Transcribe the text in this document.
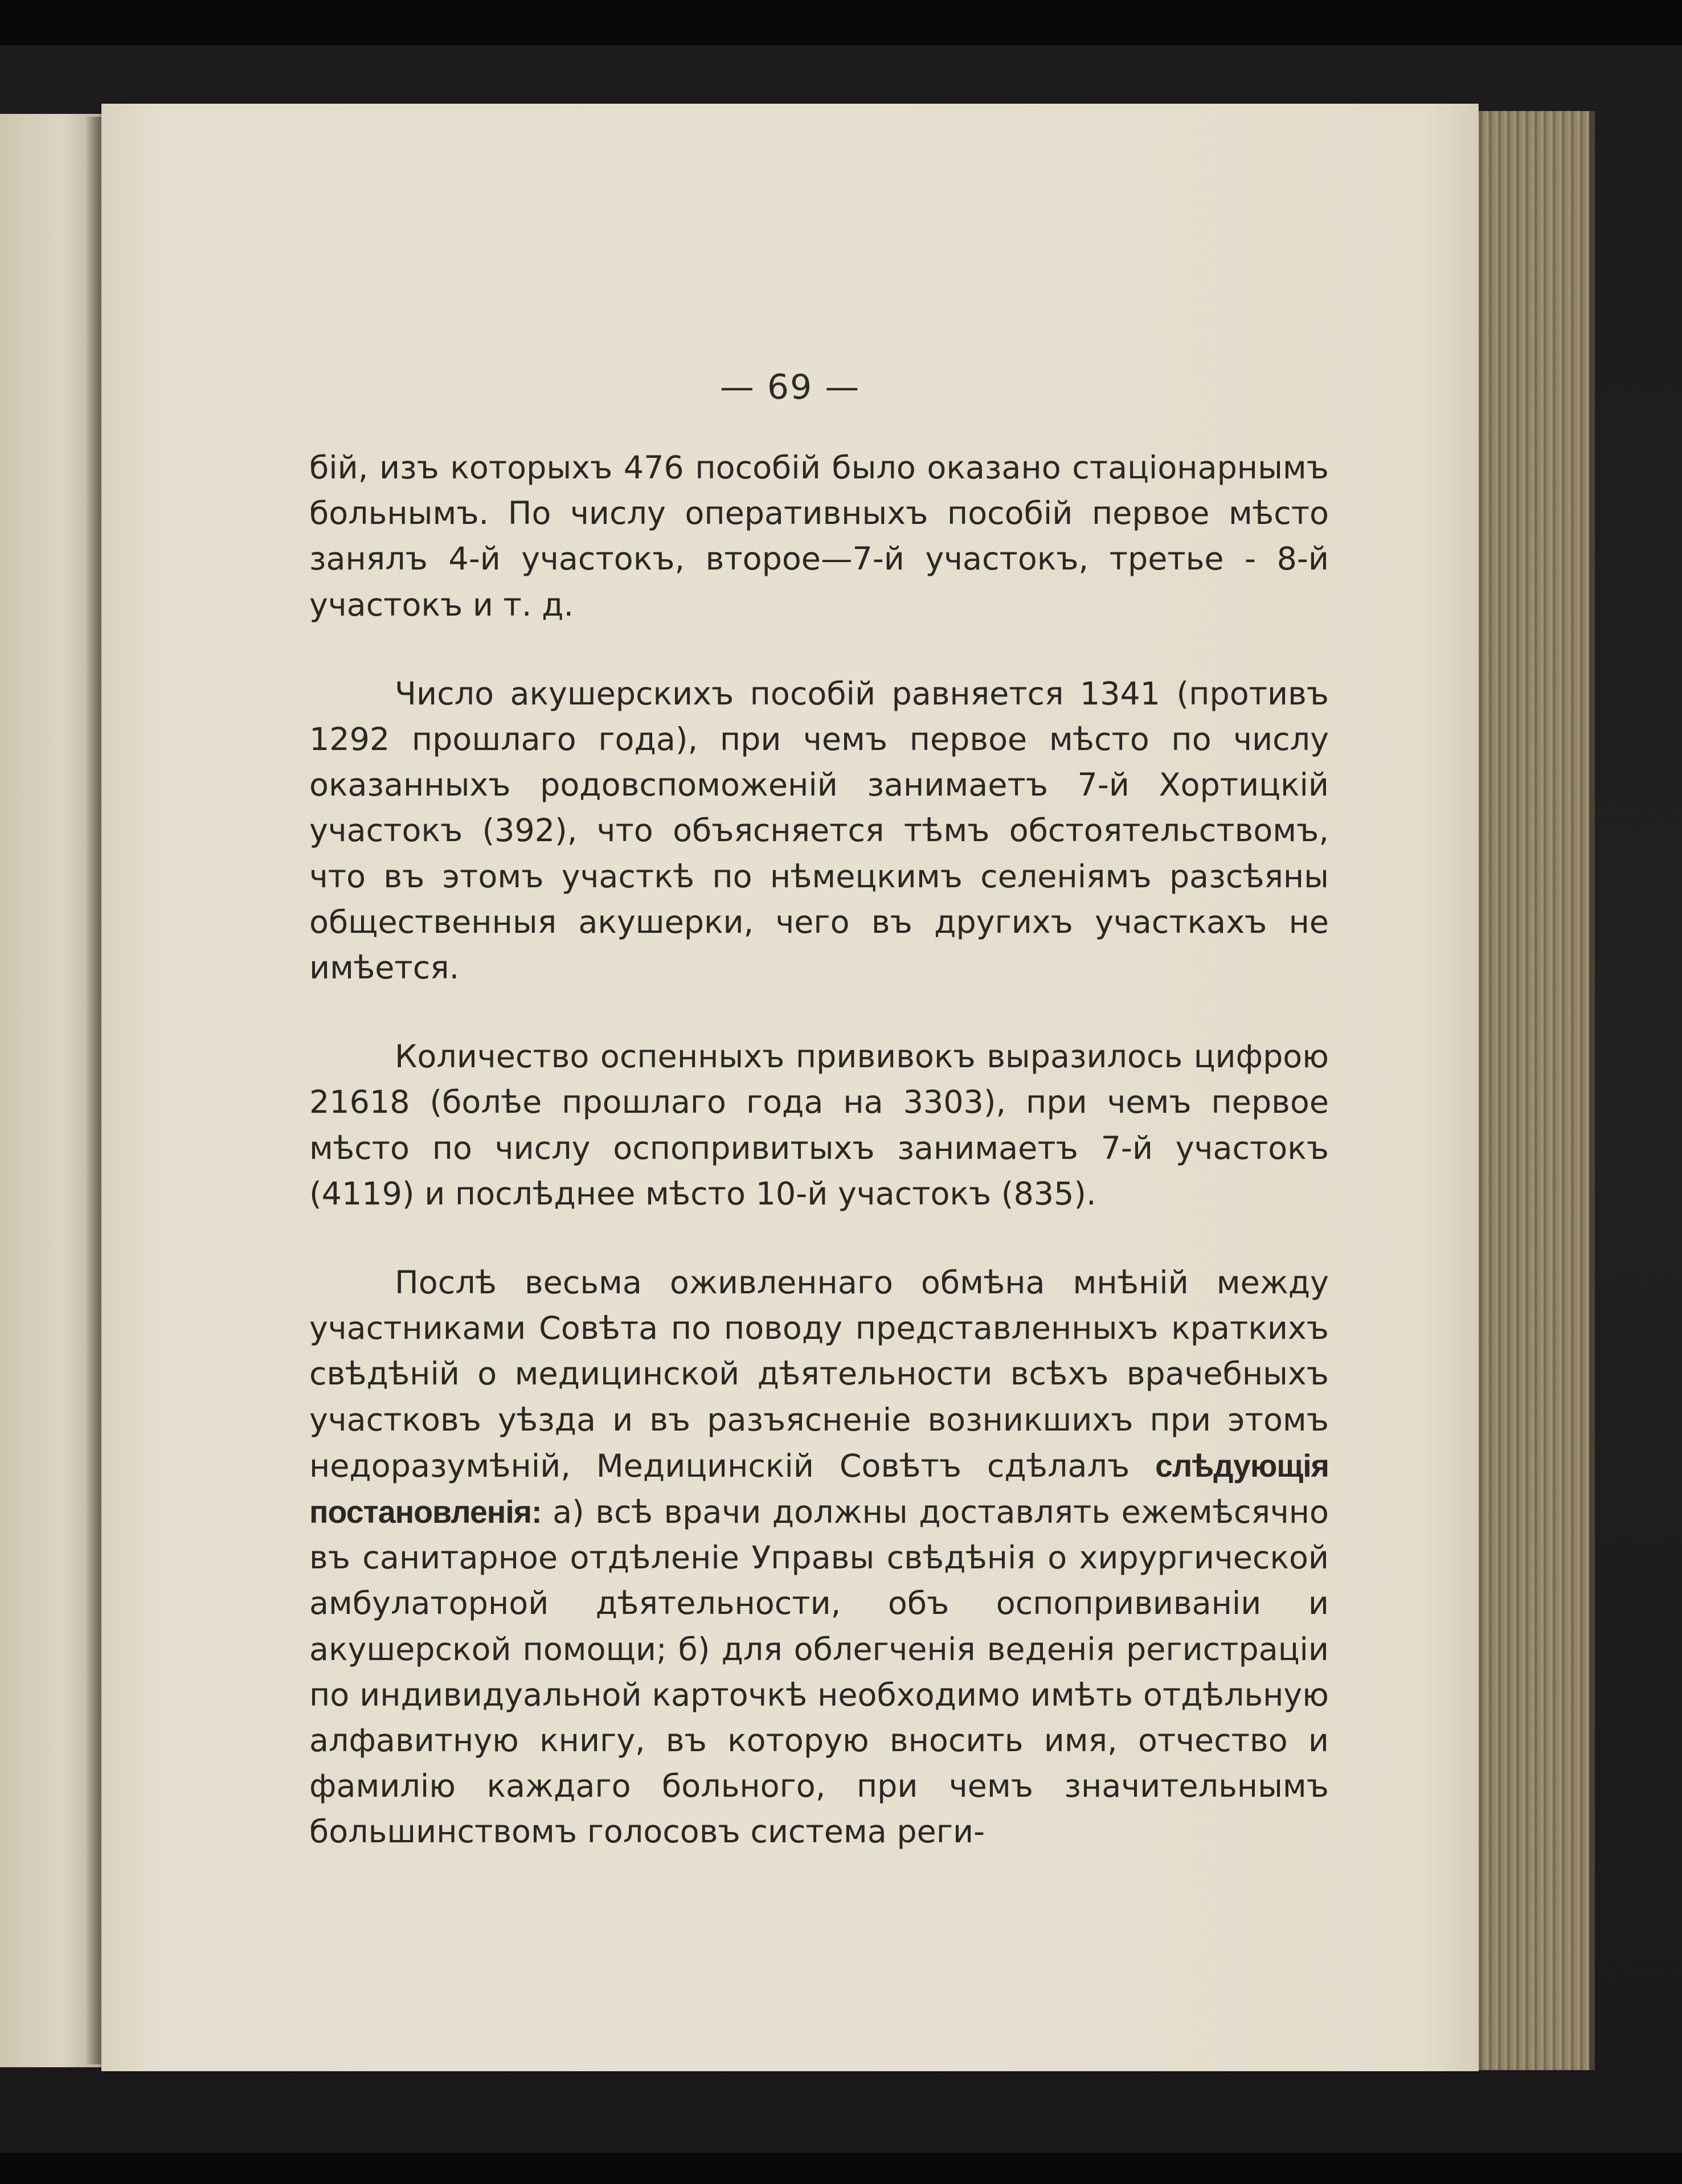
— 69 —

бій, изъ которыхъ 476 пособій было оказано стаціонарнымъ больнымъ. По числу оперативныхъ пособій первое мѣсто занялъ 4-й участокъ, второе—7-й участокъ, третье - 8-й участокъ и т. д.

Число акушерскихъ пособій равняется 1341 (противъ 1292 прошлаго года), при чемъ первое мѣсто по числу оказанныхъ родовспоможеній занимаетъ 7-й Хортицкій участокъ (392), что объясняется тѣмъ обстоятельствомъ, что въ этомъ участкѣ по нѣмецкимъ селеніямъ разсѣяны общественныя акушерки, чего въ другихъ участкахъ не имѣется.

Количество оспенныхъ прививокъ выразилось цифрою 21618 (болѣе прошлаго года на 3303), при чемъ первое мѣсто по числу оспопривитыхъ занимаетъ 7-й участокъ (4119) и послѣднее мѣсто 10-й участокъ (835).

Послѣ весьма оживленнаго обмѣна мнѣній между участниками Совѣта по поводу представленныхъ краткихъ свѣдѣній о медицинской дѣятельности всѣхъ врачебныхъ участковъ уѣзда и въ разъясненіе возникшихъ при этомъ недоразумѣній, Медицинскій Совѣтъ сдѣлалъ слѣдующія постановленія: а) всѣ врачи должны доставлять ежемѣсячно въ санитарное отдѣленіе Управы свѣдѣнія о хирургической амбулаторной дѣятельности, объ оспопрививаніи и акушерской помощи; б) для облегченія веденія регистраціи по индивидуальной карточкѣ необходимо имѣть отдѣльную алфавитную книгу, въ которую вносить имя, отчество и фамилію каждаго больного, при чемъ значительнымъ большинствомъ голосовъ система реги-
